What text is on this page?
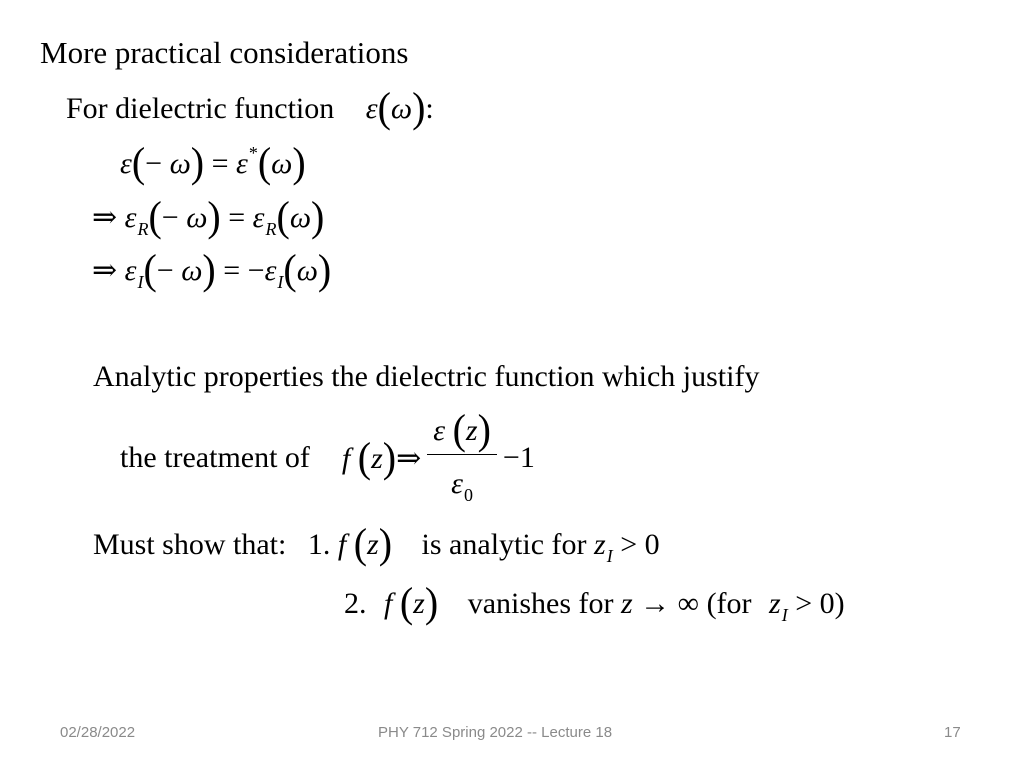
More practical considerations
For dielectric function ε(ω):
ε(− ω) = ε*(ω)
⇒ $\varepsilon_R(- \omega) = \varepsilon_R(\omega)$
⇒ $\varepsilon_I(- \omega) = -\varepsilon_I(\omega)$
Analytic properties the dielectric function which justify
the treatment of f (z)⇒ $\frac{\varepsilon (z)}{\varepsilon_0} -1$
Must show that: 1. f (z) is analytic for $z_I > 0$
2. f (z) vanishes for z → ∞ (for $z_I > 0$)
02/28/2022	PHY 712 Spring 2022 -- Lecture 18	17
